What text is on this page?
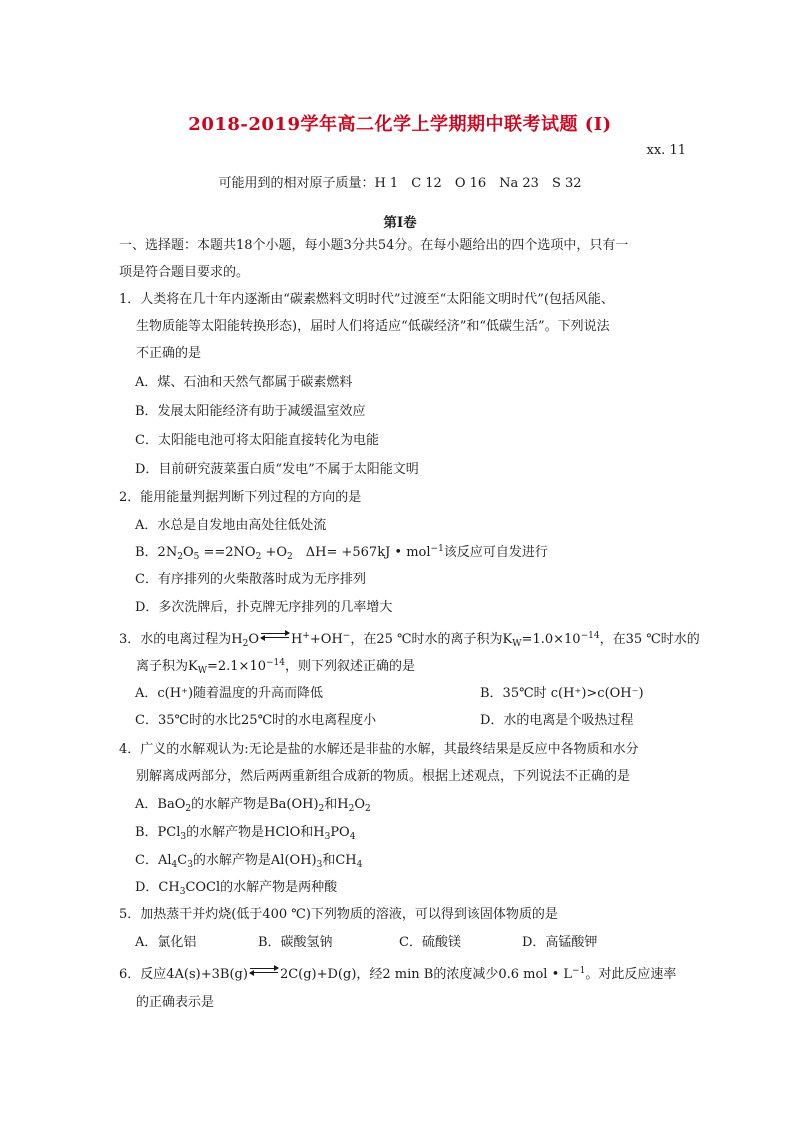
2018-2019学年高二化学上学期期中联考试题 (I)
xx. 11
可能用到的相对原子质量：H 1　C 12　O 16　Na 23　S 32
第Ⅰ卷
一、选择题：本题共18个小题，每小题3分共54分。在每小题给出的四个选项中，只有一
项是符合题目要求的。
1．人类将在几十年内逐渐由“碳素燃料文明时代”过渡至“太阳能文明时代”(包括风能、
生物质能等太阳能转换形态)，届时人们将适应“低碳经济”和“低碳生活”。下列说法
不正确的是
A．煤、石油和天然气都属于碳素燃料
B．发展太阳能经济有助于减缓温室效应
C．太阳能电池可将太阳能直接转化为电能
D．目前研究菠菜蛋白质“发电”不属于太阳能文明
2．能用能量判据判断下列过程的方向的是
A．水总是自发地由高处往低处流
B．$2N_2O_5 ==2NO_2 +O_2$　ΔH= +567kJ • mol$^{-1}$该反应可自发进行
C．有序排列的火柴散落时成为无序排列
D．多次洗牌后，扑克牌无序排列的几率增大
3．水的电离过程为$H_2O$ H++OH−，在25 ℃时水的离子积为$K_W=1.0\times 10^{-14}$，在35 ℃时水的
离子积为$K_W=2.1\times 10^{-14}$，则下列叙述正确的是
A．c(H⁺)随着温度的升高而降低	B．35℃时 c(H⁺)>c(OH⁻)
C．35℃时的水比25℃时的水电离程度小	D．水的电离是个吸热过程
4．广义的水解观认为:无论是盐的水解还是非盐的水解，其最终结果是反应中各物质和水分
别解离成两部分，然后两两重新组合成新的物质。根据上述观点，下列说法不正确的是
A．BaO$_2$的水解产物是$Ba(OH)_2$和$H_2O_2$
B．PCl$_3$的水解产物是HClO和$H_3PO_4$
C．$Al_4C_3$的水解产物是$Al(OH)_3$和$CH_4$
D．$CH_3COCl$的水解产物是两种酸
5．加热蒸干并灼烧(低于400 ℃)下列物质的溶液，可以得到该固体物质的是
A．氯化铝	B．碳酸氢钠	C．硫酸镁	D．高锰酸钾
6．反应4A(s)+3B(g) 2C(g)+D(g)，经2 min B的浓度减少0.6 mol • $L^{-1}$。对此反应速率
的正确表示是
